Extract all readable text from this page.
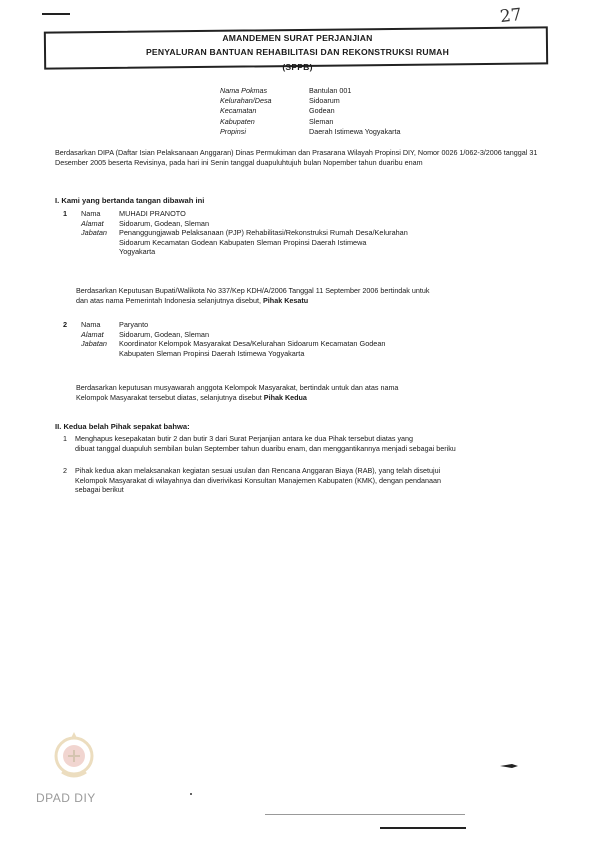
27
AMANDEMEN SURAT PERJANJIAN
PENYALURAN BANTUAN REHABILITASI DAN REKONSTRUKSI RUMAH
(SPPB)
Nama Pokmas	Bantulan 001
Kelurahan/Desa	Sidoarum
Kecamatan	Godean
Kabupaten	Sleman
Propinsi	Daerah Istimewa Yogyakarta
Berdasarkan DIPA (Daftar Isian Pelaksanaan Anggaran) Dinas Permukiman dan Prasarana Wilayah Propinsi DIY, Nomor 0026 1/062-3/2006 tanggal 31 Desember 2005 beserta Revisinya, pada hari ini Senin tanggal duapuluhtujuh bulan Nopember tahun duaribu enam
I. Kami yang bertanda tangan dibawah ini
1	Nama	MUHADI PRANOTO
Alamat	Sidoarum, Godean, Sleman
Jabatan	Penanggungjawab Pelaksanaan (PJP) Rehabilitasi/Rekonstruksi Rumah Desa/Kelurahan
Sidoarum Kecamatan Godean Kabupaten Sleman Propinsi Daerah Istimewa
Yogyakarta
Berdasarkan Keputusan Bupati/Walikota No 337/Kep KDH/A/2006 Tanggal 11 September 2006 bertindak untuk
dan atas nama Pemerintah Indonesia selanjutnya disebut, Pihak Kesatu
2	Nama	Paryanto
Alamat	Sidoarum, Godean, Sleman
Jabatan	Koordinator Kelompok Masyarakat Desa/Kelurahan Sidoarum Kecamatan Godean
Kabupaten Sleman Propinsi Daerah Istimewa Yogyakarta
Berdasarkan keputusan musyawarah anggota Kelompok Masyarakat, bertindak untuk dan atas nama
Kelompok Masyarakat tersebut diatas, selanjutnya disebut Pihak Kedua
II. Kedua belah Pihak sepakat bahwa:
1	Menghapus kesepakatan butir 2 dan butir 3 dari Surat Perjanjian antara ke dua Pihak tersebut diatas yang
dibuat tanggal duapuluh sembilan bulan September tahun duaribu enam, dan menggantikannya menjadi sebagai beriku
2	Pihak kedua akan melaksanakan kegiatan sesuai usulan dan Rencana Anggaran Biaya (RAB), yang telah disetujui
Kelompok Masyarakat di wilayahnya dan diverivikasi Konsultan Manajemen Kabupaten (KMK), dengan pendanaan
sebagai berikut
DPAD DIY
